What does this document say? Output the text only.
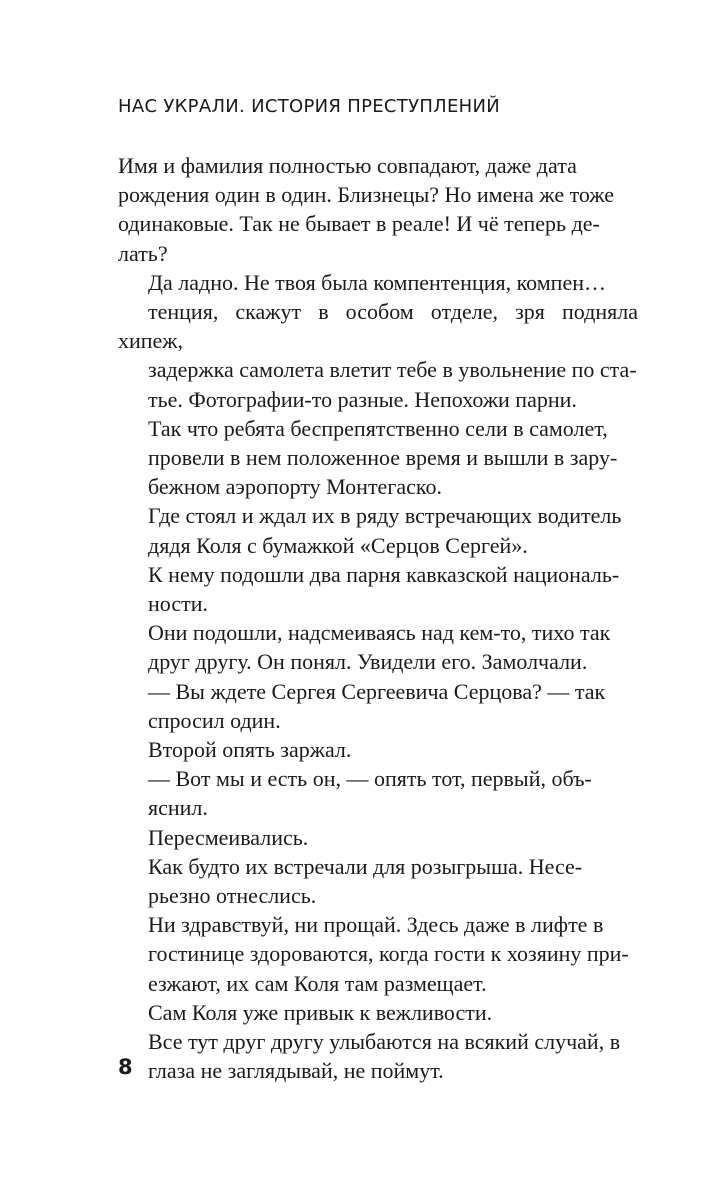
НАС УКРАЛИ. ИСТОРИЯ ПРЕСТУПЛЕНИЙ

Имя и фамилия полностью совпадают, даже дата
рождения один в один. Близнецы? Но имена же тоже
одинаковые. Так не бывает в реале! И чё теперь де-
лать?

Да ладно. Не твоя была компентенция, компен…
тенция, скажут в особом отделе, зря подняла хипеж,
задержка самолета влетит тебе в увольнение по ста-
тье. Фотографии-то разные. Непохожи парни.

Так что ребята беспрепятственно сели в самолет,
провели в нем положенное время и вышли в зару-
бежном аэропорту Монтегаско.

Где стоял и ждал их в ряду встречающих водитель
дядя Коля с бумажкой «Серцов Сергей».

К нему подошли два парня кавказской националь-
ности.

Они подошли, надсмеиваясь над кем-то, тихо так
друг другу. Он понял. Увидели его. Замолчали.

— Вы ждете Сергея Сергеевича Серцова? — так
спросил один.

Второй опять заржал.

— Вот мы и есть он, — опять тот, первый, объ-
яснил.

Пересмеивались.

Как будто их встречали для розыгрыша. Несе-
рьезно отнеслись.

Ни здравствуй, ни прощай. Здесь даже в лифте в
гостинице здороваются, когда гости к хозяину при-
езжают, их сам Коля там размещает.

Сам Коля уже привык к вежливости.

Все тут друг другу улыбаются на всякий случай, в
глаза не заглядывай, не поймут.

8
